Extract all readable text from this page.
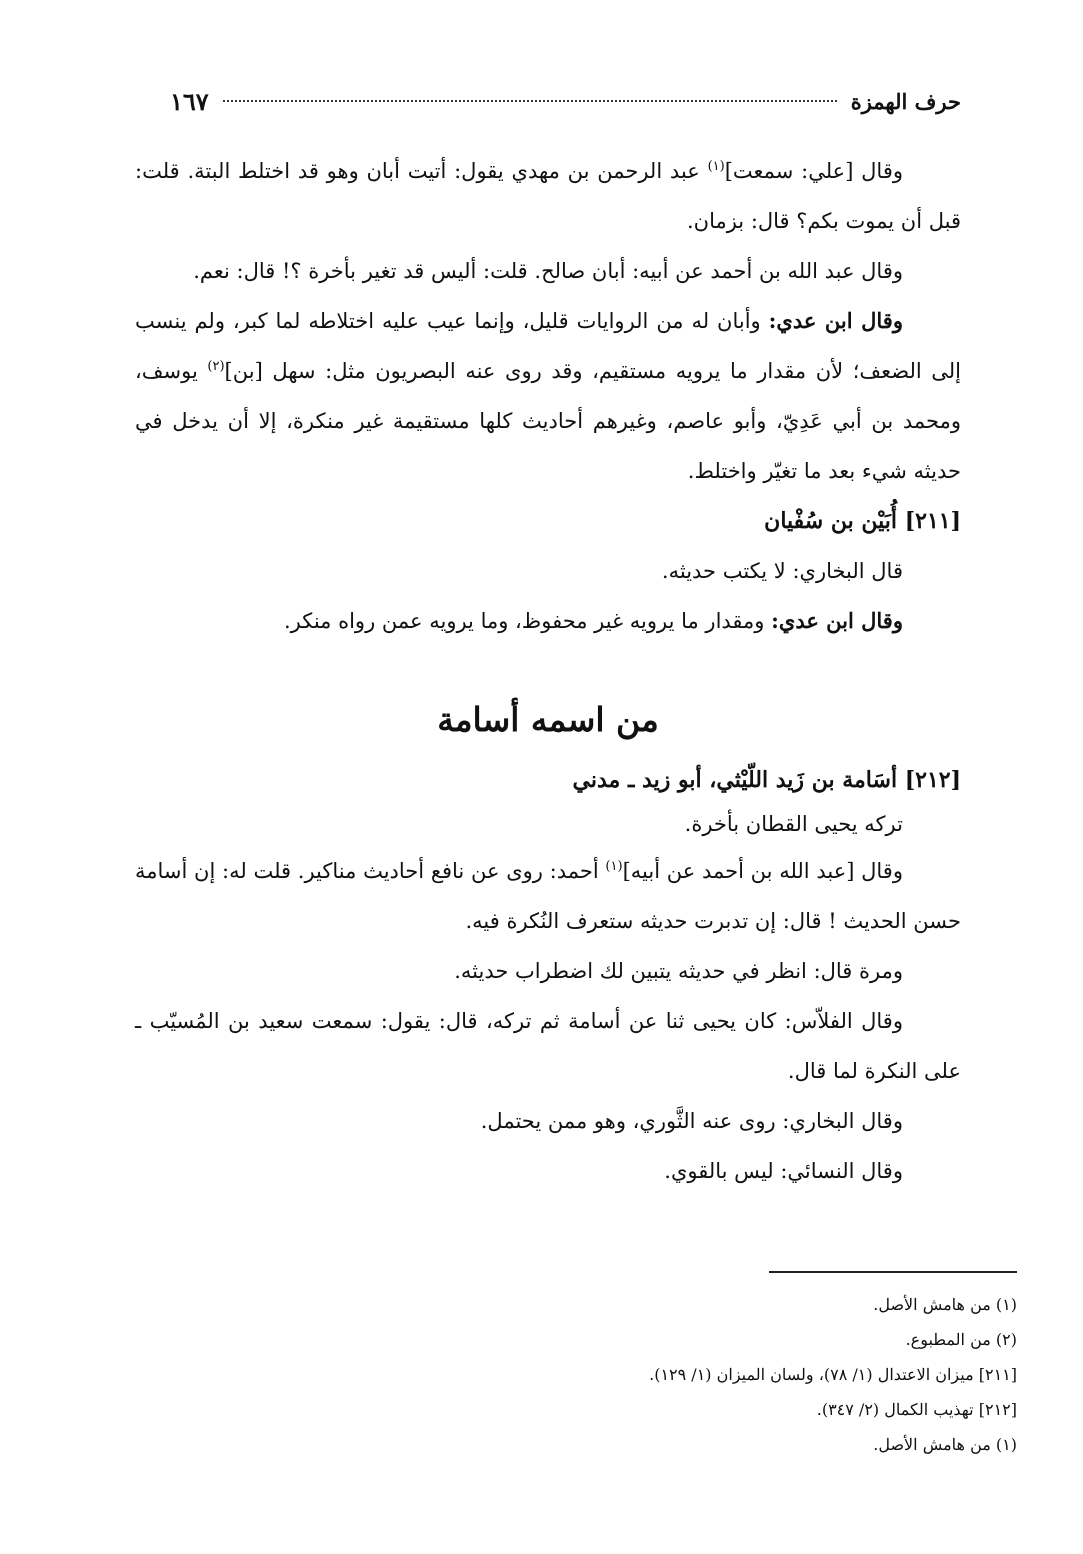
حرف الهمزة
١٦٧

وقال [علي: سمعت]$^{(١)}$ عبد الرحمن بن مهدي يقول: أتيت أبان وهو قد اختلط البتة. قلت: قبل أن يموت بكم؟ قال: بزمان.

وقال عبد الله بن أحمد عن أبيه: أبان صالح. قلت: أليس قد تغير بأخرة ؟! قال: نعم.

وقال ابن عدي: وأبان له من الروايات قليل، وإنما عيب عليه اختلاطه لما كبر، ولم ينسب إلى الضعف؛ لأن مقدار ما يرويه مستقيم، وقد روى عنه البصريون مثل: سهل [بن]$^{(٢)}$ يوسف، ومحمد بن أبي عَدِيّ، وأبو عاصم، وغيرهم أحاديث كلها مستقيمة غير منكرة، إلا أن يدخل في حديثه شيء بعد ما تغيّر واختلط.

[٢١١] أُبَيْن بن سُفْيان

قال البخاري: لا يكتب حديثه.

وقال ابن عدي: ومقدار ما يرويه غير محفوظ، وما يرويه عمن رواه منكر.

من اسمه أسامة

[٢١٢] أسَامة بن زَيد اللّيْثي، أبو زيد ـ مدني

تركه يحيى القطان بأخرة.

وقال [عبد الله بن أحمد عن أبيه]$^{(١)}$ أحمد: روى عن نافع أحاديث مناكير. قلت له: إن أسامة حسن الحديث ! قال: إن تدبرت حديثه ستعرف النُكرة فيه.

ومرة قال: انظر في حديثه يتبين لك اضطراب حديثه.

وقال الفلاّس: كان يحيى ثنا عن أسامة ثم تركه، قال: يقول: سمعت سعيد بن المُسيّب ـ على النكرة لما قال.

وقال البخاري: روى عنه الثَّوري، وهو ممن يحتمل.

وقال النسائي: ليس بالقوي.

(١) من هامش الأصل.
(٢) من المطبوع.
[٢١١] ميزان الاعتدال (١/ ٧٨)، ولسان الميزان (١/ ١٢٩).
[٢١٢] تهذيب الكمال (٢/ ٣٤٧).
(١) من هامش الأصل.
